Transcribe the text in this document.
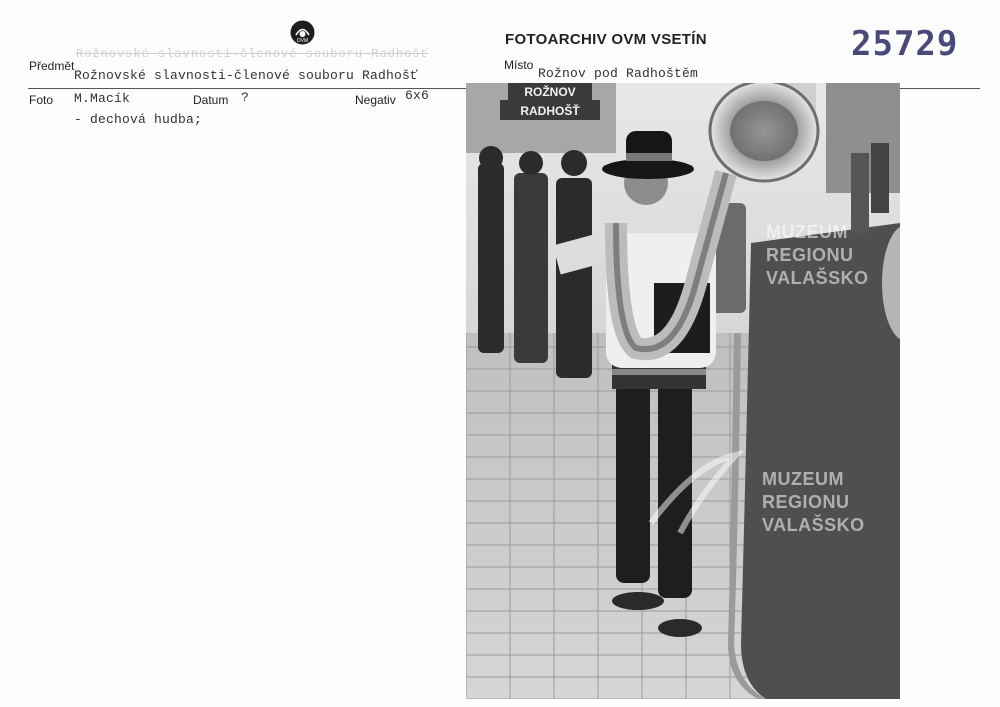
OVM	FOTOARCHIV OVM VSETÍN	25729
Předmět
Rožnovské slavnosti-členové souboru Radhošť
Rožnovské slavnosti-členové souboru Radhošť
Místo
Rožnov pod Radhoštěm
Foto M.Macík	Datum ?	Negativ 6x6
- dechová hudba;
ROŽNOV
RADHOŠŤ
MUZEUM
REGIONU
VALAŠSKO
MUZEUM
REGIONU
VALAŠSKO
